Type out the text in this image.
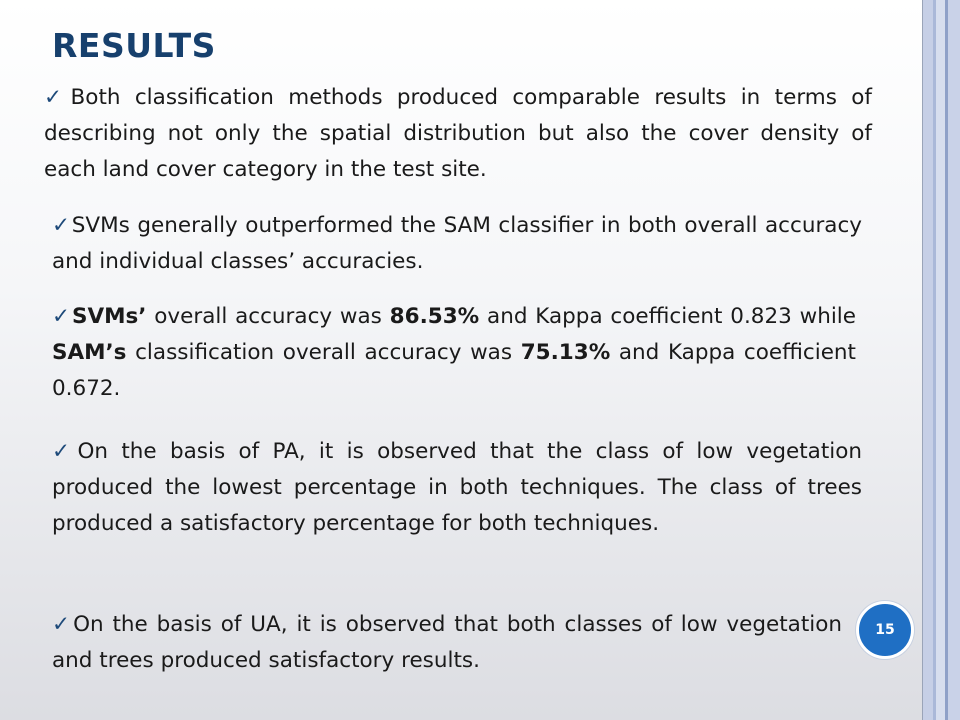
RESULTS

✓Both classification methods produced comparable results in terms of describing not only the spatial distribution but also the cover density of each land cover category in the test site.

✓SVMs generally outperformed the SAM classifier in both overall accuracy and individual classes’ accuracies.

✓SVMs’ overall accuracy was 86.53% and Kappa coefficient 0.823 while SAM’s classification overall accuracy was 75.13% and Kappa coefficient 0.672.

✓On the basis of PA, it is observed that the class of low vegetation produced the lowest percentage in both techniques. The class of trees produced a satisfactory percentage for both techniques.

✓On the basis of UA, it is observed that both classes of low vegetation and trees produced satisfactory results.

15
